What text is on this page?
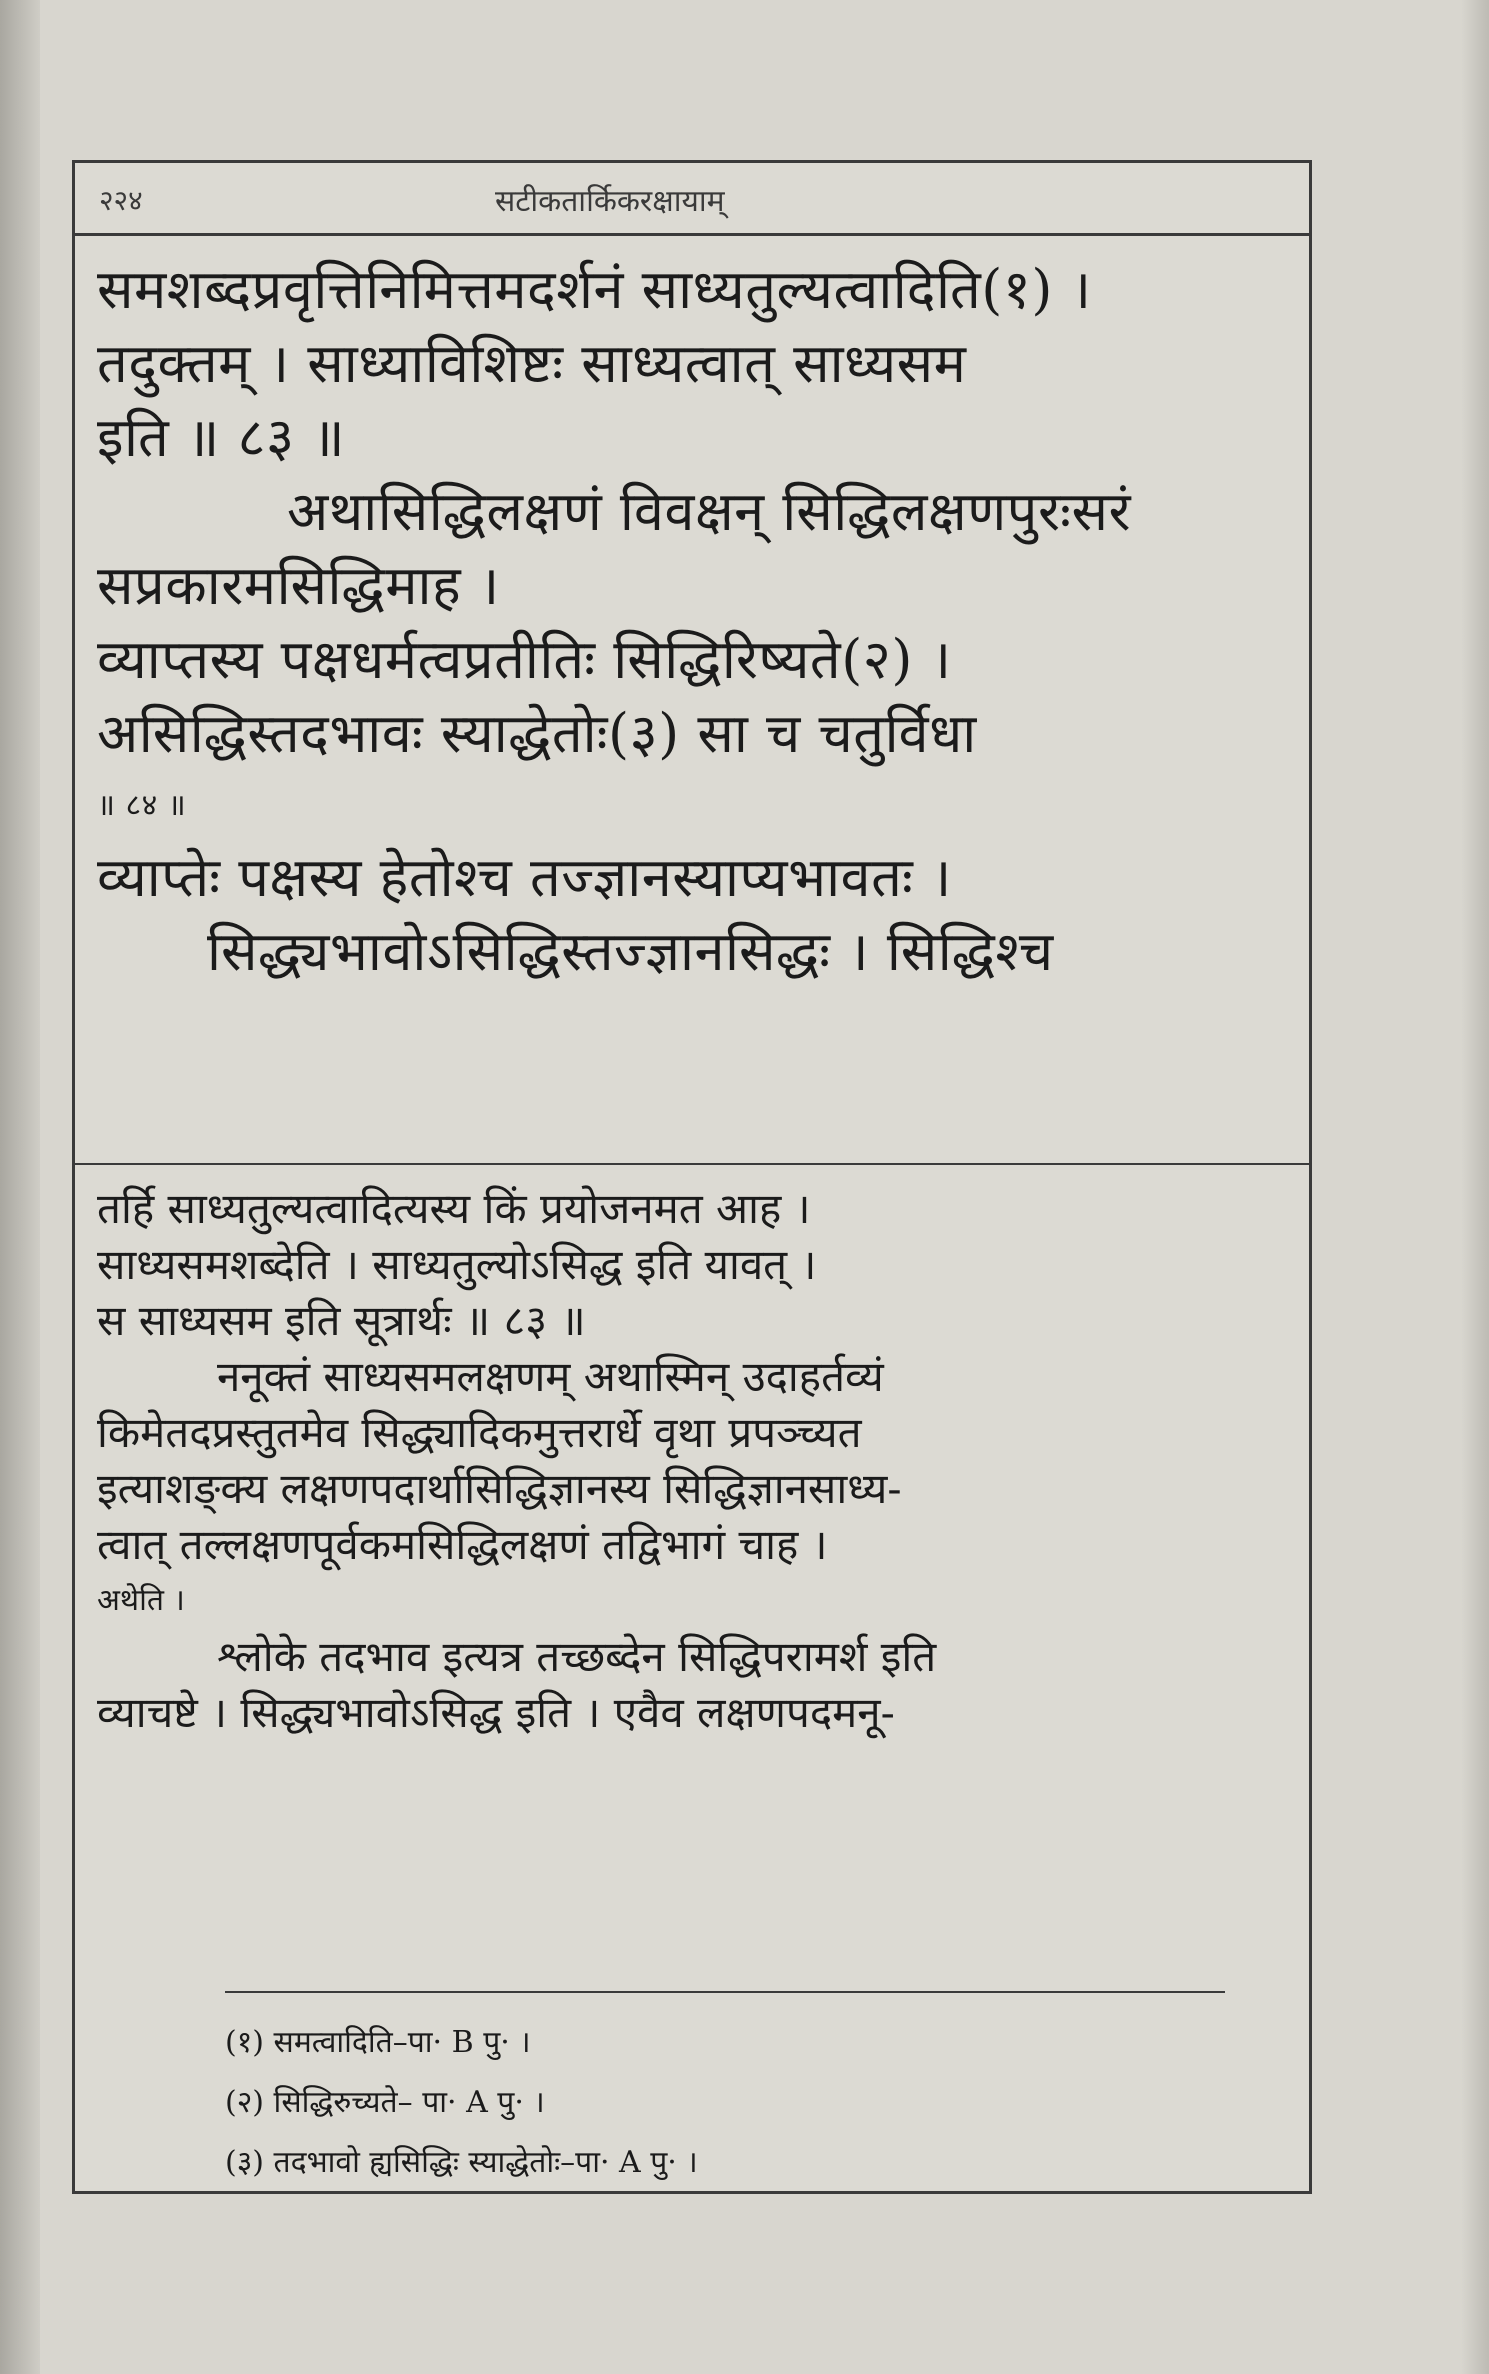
२२४	सटीकतार्किकरक्षायाम्
समशब्दप्रवृत्तिनिमित्तमदर्शनं साध्यतुल्यत्वादिति(१) ।
तदुक्तम् । साध्याविशिष्टः साध्यत्वात् साध्यसम
इति ॥ ८३ ॥
अथासिद्धिलक्षणं विवक्षन् सिद्धिलक्षणपुरःसरं
सप्रकारमसिद्धिमाह ।
व्याप्तस्य पक्षधर्मत्वप्रतीतिः सिद्धिरिष्यते(२) ।
असिद्धिस्तदभावः स्याद्धेतोः(३) सा च चतुर्विधा
॥ ८४ ॥
व्याप्तेः पक्षस्य हेतोश्च तज्ज्ञानस्याप्यभावतः ।
सिद्ध्यभावोऽसिद्धिस्तज्ज्ञानसिद्धः । सिद्धिश्च
तर्हि साध्यतुल्यत्वादित्यस्य किं प्रयोजनमत आह ।
साध्यसमशब्देति । साध्यतुल्योऽसिद्ध इति यावत् ।
स साध्यसम इति सूत्रार्थः ॥ ८३ ॥
ननूक्तं साध्यसमलक्षणम् अथास्मिन् उदाहर्तव्यं
किमेतदप्रस्तुतमेव सिद्ध्यादिकमुत्तरार्धे वृथा प्रपञ्च्यत
इत्याशङ्क्य लक्षणपदार्थासिद्धिज्ञानस्य सिद्धिज्ञानसाध्य-
त्वात् तल्लक्षणपूर्वकमसिद्धिलक्षणं तद्विभागं चाह ।
अथेति ।
श्लोके तदभाव इत्यत्र तच्छब्देन सिद्धिपरामर्श इति
व्याचष्टे । सिद्ध्यभावोऽसिद्ध इति । एवैव लक्षणपदमनू-
(१) समत्वादिति–पा· B पु· ।
(२) सिद्धिरुच्यते– पा· A पु· ।
(३) तदभावो ह्यसिद्धिः स्याद्धेतोः–पा· A पु· ।
